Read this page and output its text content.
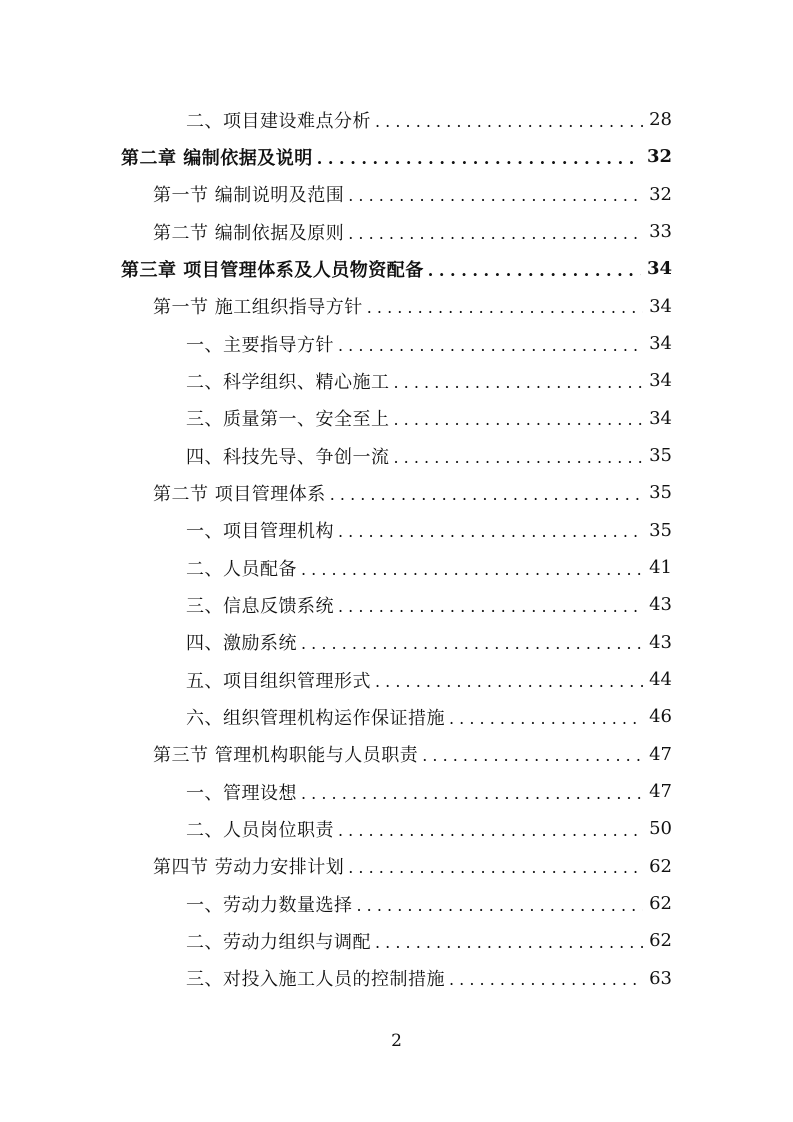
二、项目建设难点分析 . . .	28
第二章 编制依据及说明 . . .	32
第一节 编制说明及范围 . . .	32
第二节 编制依据及原则 . . .	33
第三章 项目管理体系及人员物资配备 . . .	34
第一节 施工组织指导方针 . . .	34
一、主要指导方针 . . .	34
二、科学组织、精心施工 . . .	34
三、质量第一、安全至上 . . .	34
四、科技先导、争创一流 . . .	35
第二节 项目管理体系 . . .	35
一、项目管理机构 . . .	35
二、人员配备 . . .	41
三、信息反馈系统 . . .	43
四、激励系统 . . .	43
五、项目组织管理形式 . . .	44
六、组织管理机构运作保证措施 . . .	46
第三节 管理机构职能与人员职责 . . .	47
一、管理设想 . . .	47
二、人员岗位职责 . . .	50
第四节 劳动力安排计划 . . .	62
一、劳动力数量选择 . . .	62
二、劳动力组织与调配 . . .	62
三、对投入施工人员的控制措施 . . .	63
2
